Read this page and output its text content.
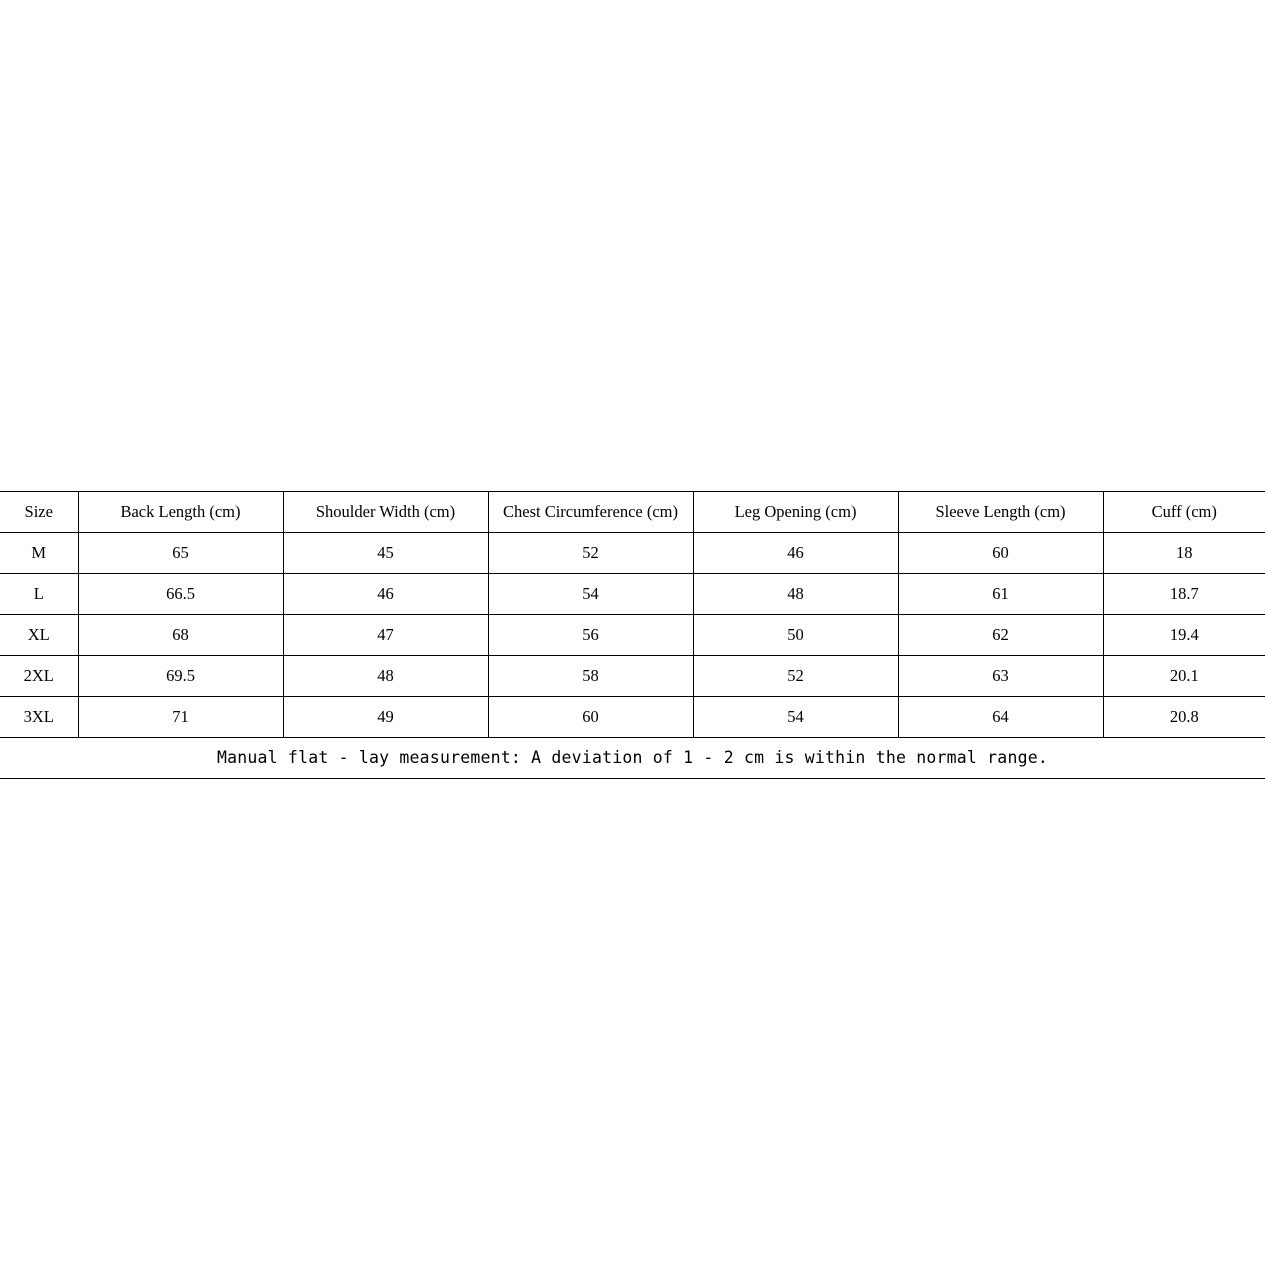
Size	Back Length (cm)	Shoulder Width (cm)	Chest Circumference (cm)	Leg Opening (cm)	Sleeve Length (cm)	Cuff (cm)
M	65	45	52	46	60	18
L	66.5	46	54	48	61	18.7
XL	68	47	56	50	62	19.4
2XL	69.5	48	58	52	63	20.1
3XL	71	49	60	54	64	20.8
Manual flat - lay measurement: A deviation of 1 - 2 cm is within the normal range.						
